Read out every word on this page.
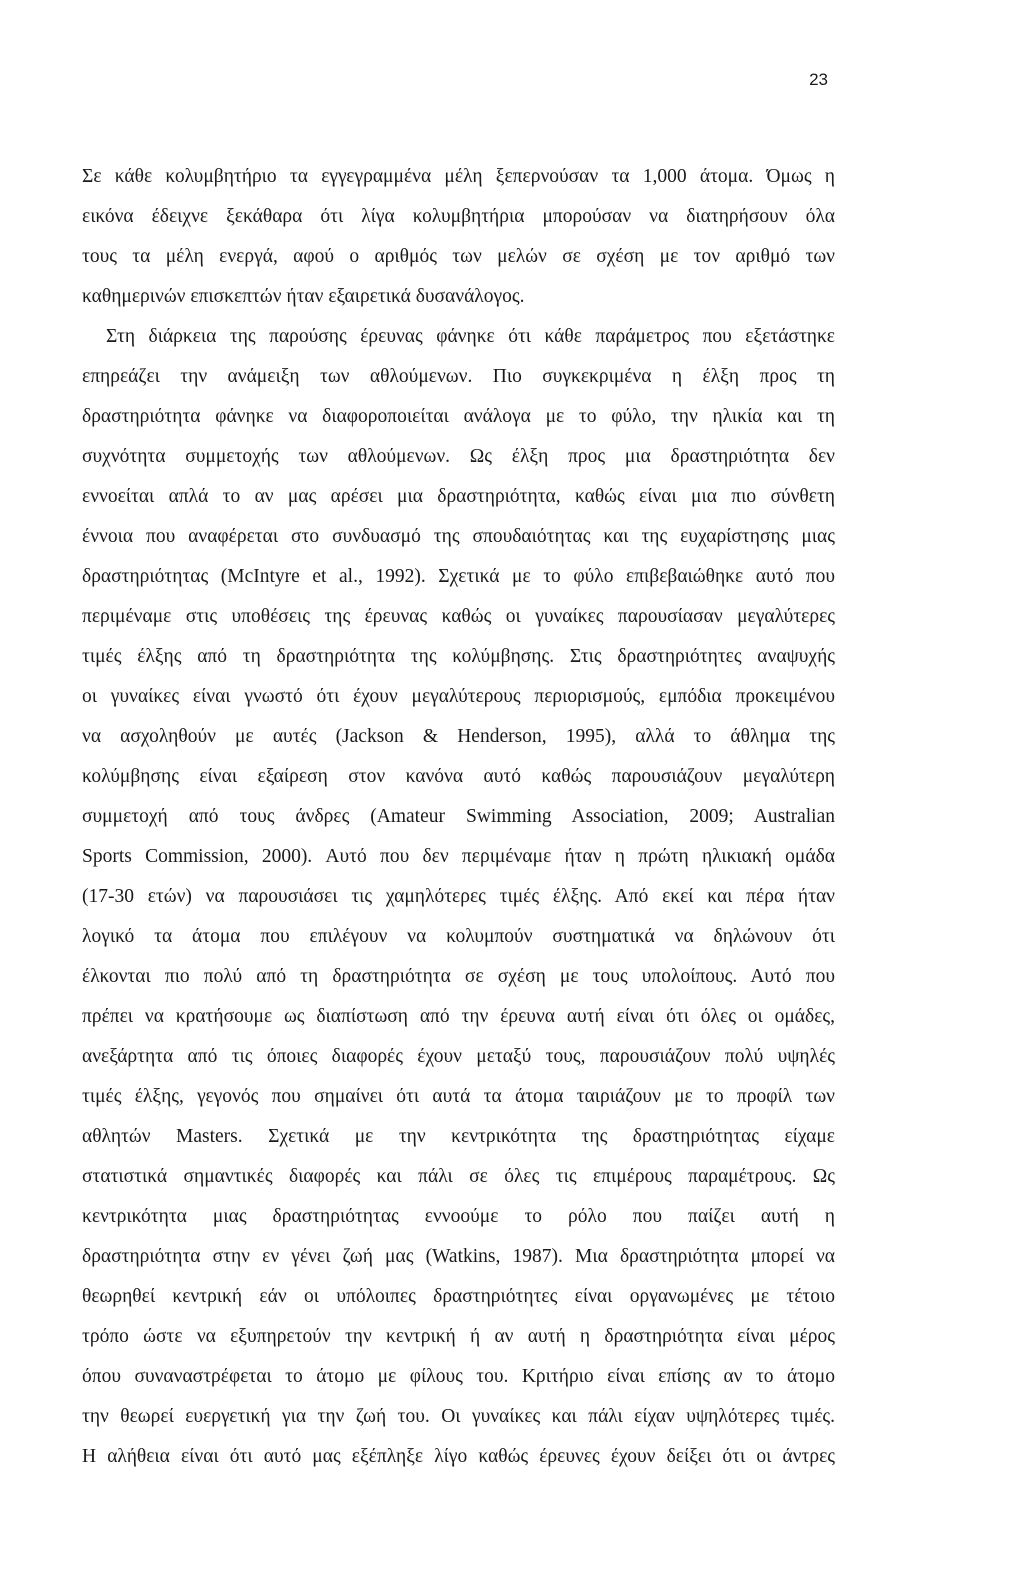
23
Σε κάθε κολυμβητήριο τα εγγεγραμμένα μέλη ξεπερνούσαν τα 1,000 άτομα. Όμως η
εικόνα έδειχνε ξεκάθαρα ότι λίγα κολυμβητήρια μπορούσαν να διατηρήσουν όλα
τους τα μέλη ενεργά, αφού ο αριθμός των μελών σε σχέση με τον αριθμό των
καθημερινών επισκεπτών ήταν εξαιρετικά δυσανάλογος.
Στη διάρκεια της παρούσης έρευνας φάνηκε ότι κάθε παράμετρος που εξετάστηκε
επηρεάζει την ανάμειξη των αθλούμενων. Πιο συγκεκριμένα η έλξη προς τη
δραστηριότητα φάνηκε να διαφοροποιείται ανάλογα με το φύλο, την ηλικία και τη
συχνότητα συμμετοχής των αθλούμενων. Ως έλξη προς μια δραστηριότητα δεν
εννοείται απλά το αν μας αρέσει μια δραστηριότητα, καθώς είναι μια πιο σύνθετη
έννοια που αναφέρεται στο συνδυασμό της σπουδαιότητας και της ευχαρίστησης μιας
δραστηριότητας (McIntyre et al., 1992). Σχετικά με το φύλο επιβεβαιώθηκε αυτό που
περιμέναμε στις υποθέσεις της έρευνας καθώς οι γυναίκες παρουσίασαν μεγαλύτερες
τιμές έλξης από τη δραστηριότητα της κολύμβησης. Στις δραστηριότητες αναψυχής
οι γυναίκες είναι γνωστό ότι έχουν μεγαλύτερους περιορισμούς, εμπόδια προκειμένου
να ασχοληθούν με αυτές (Jackson & Henderson, 1995), αλλά το άθλημα της
κολύμβησης είναι εξαίρεση στον κανόνα αυτό καθώς παρουσιάζουν μεγαλύτερη
συμμετοχή από τους άνδρες (Amateur Swimming Association, 2009; Australian
Sports Commission, 2000). Αυτό που δεν περιμέναμε ήταν η πρώτη ηλικιακή ομάδα
(17-30 ετών) να παρουσιάσει τις χαμηλότερες τιμές έλξης. Από εκεί και πέρα ήταν
λογικό τα άτομα που επιλέγουν να κολυμπούν συστηματικά να δηλώνουν ότι
έλκονται πιο πολύ από τη δραστηριότητα σε σχέση με τους υπολοίπους. Αυτό που
πρέπει να κρατήσουμε ως διαπίστωση από την έρευνα αυτή είναι ότι όλες οι ομάδες,
ανεξάρτητα από τις όποιες διαφορές έχουν μεταξύ τους, παρουσιάζουν πολύ υψηλές
τιμές έλξης, γεγονός που σημαίνει ότι αυτά τα άτομα ταιριάζουν με το προφίλ των
αθλητών Masters. Σχετικά με την κεντρικότητα της δραστηριότητας είχαμε
στατιστικά σημαντικές διαφορές και πάλι σε όλες τις επιμέρους παραμέτρους. Ως
κεντρικότητα μιας δραστηριότητας εννοούμε το ρόλο που παίζει αυτή η
δραστηριότητα στην εν γένει ζωή μας (Watkins, 1987). Μια δραστηριότητα μπορεί να
θεωρηθεί κεντρική εάν οι υπόλοιπες δραστηριότητες είναι οργανωμένες με τέτοιο
τρόπο ώστε να εξυπηρετούν την κεντρική ή αν αυτή η δραστηριότητα είναι μέρος
όπου συναναστρέφεται το άτομο με φίλους του. Κριτήριο είναι επίσης αν το άτομο
την θεωρεί ευεργετική για την ζωή του. Οι γυναίκες και πάλι είχαν υψηλότερες τιμές.
Η αλήθεια είναι ότι αυτό μας εξέπληξε λίγο καθώς έρευνες έχουν δείξει ότι οι άντρες
